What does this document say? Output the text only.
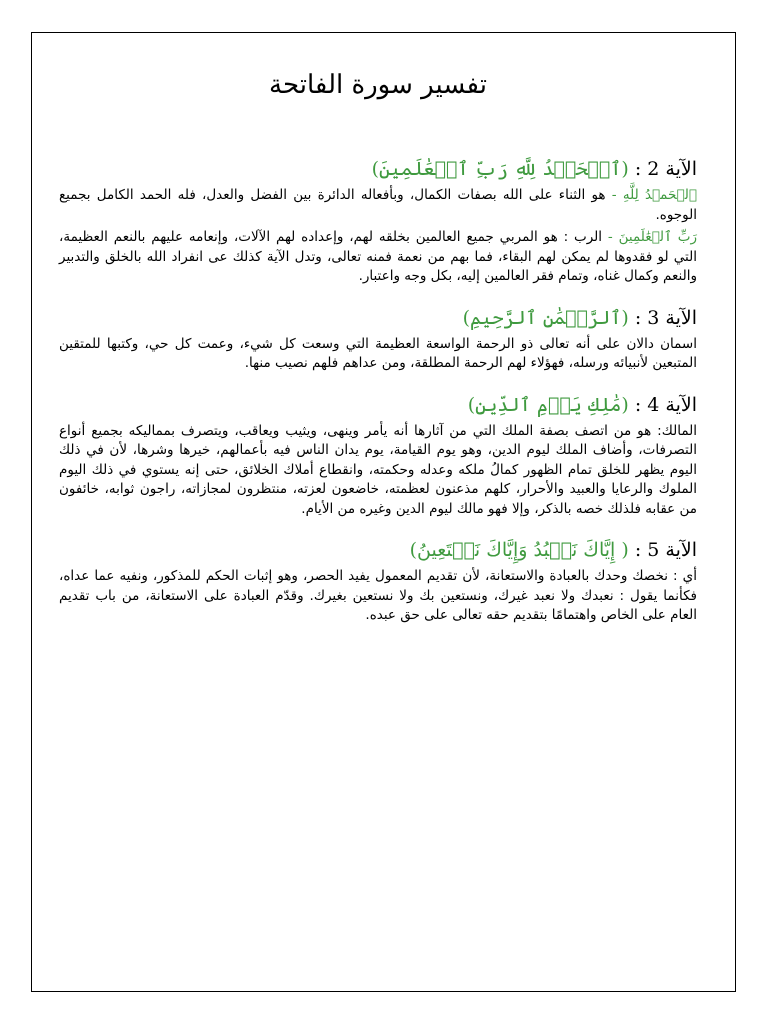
تفسير سورة الفاتحة
الآية 2 : (ٱلۡحَمۡدُ لِلَّهِ رَبِّ ٱلۡعَٰلَمِينَ)

ٱلۡحَمۡدُ لِلَّهِ - هو الثناء على الله بصفات الكمال، وبأفعاله الدائرة بين الفضل والعدل، فله الحمد الكامل بجميع الوجوه.

رَبِّ ٱلۡعَٰلَمِينَ - الرب : هو المربي جميع العالمين بخلقه لهم، وإعداده لهم الآلات، وإنعامه عليهم بالنعم العظيمة، التي لو فقدوها لم يمكن لهم البقاء، فما بهم من نعمة فمنه تعالى، وتدل الآية كذلك عى انفراد الله بالخلق والتدبير والنعم وكمال غناه، وتمام فقر العالمين إليه، بكل وجه واعتبار.

الآية 3 : (ٱلرَّحۡمَٰنِ ٱلرَّحِيمِ)

اسمان دالان على أنه تعالى ذو الرحمة الواسعة العظيمة التي وسعت كل شيء، وعمت كل حي، وكتبها للمتقين المتبعين لأنبيائه ورسله، فهؤلاء لهم الرحمة المطلقة، ومن عداهم فلهم نصيب منها.

الآية 4 : (مَٰلِكِ يَوۡمِ ٱلدِّينِ)

المالك: هو من اتصف بصفة الملك التي من آثارها أنه يأمر وينهى، ويثيب ويعاقب، ويتصرف بمماليكه بجميع أنواع التصرفات، وأضاف الملك ليوم الدين، وهو يوم القيامة، يوم يدان الناس فيه بأعمالهم، خيرها وشرها، لأن في ذلك اليوم يظهر للخلق تمام الظهور كمالُ ملكه وعدله وحكمته، وانقطاع أملاك الخلائق، حتى إنه يستوي في ذلك اليوم الملوك والرعايا والعبيد والأحرار، كلهم مذعنون لعظمته، خاضعون لعزته، منتظرون لمجازاته، راجون ثوابه، خائفون من عقابه فلذلك خصه بالذكر، وإلا فهو مالك ليوم الدين وغيره من الأيام.

الآية 5 : ( إِيَّاكَ نَعۡبُدُ وَإِيَّاكَ نَسۡتَعِينُ)

أي : نخصك وحدك بالعبادة والاستعانة، لأن تقديم المعمول يفيد الحصر، وهو إثبات الحكم للمذكور، ونفيه عما عداه، فكأنما يقول : نعبدك ولا نعبد غيرك، ونستعين بك ولا نستعين بغيرك. وقدّم العبادة على الاستعانة، من باب تقديم العام على الخاص واهتمامًا بتقديم حقه تعالى على حق عبده.
